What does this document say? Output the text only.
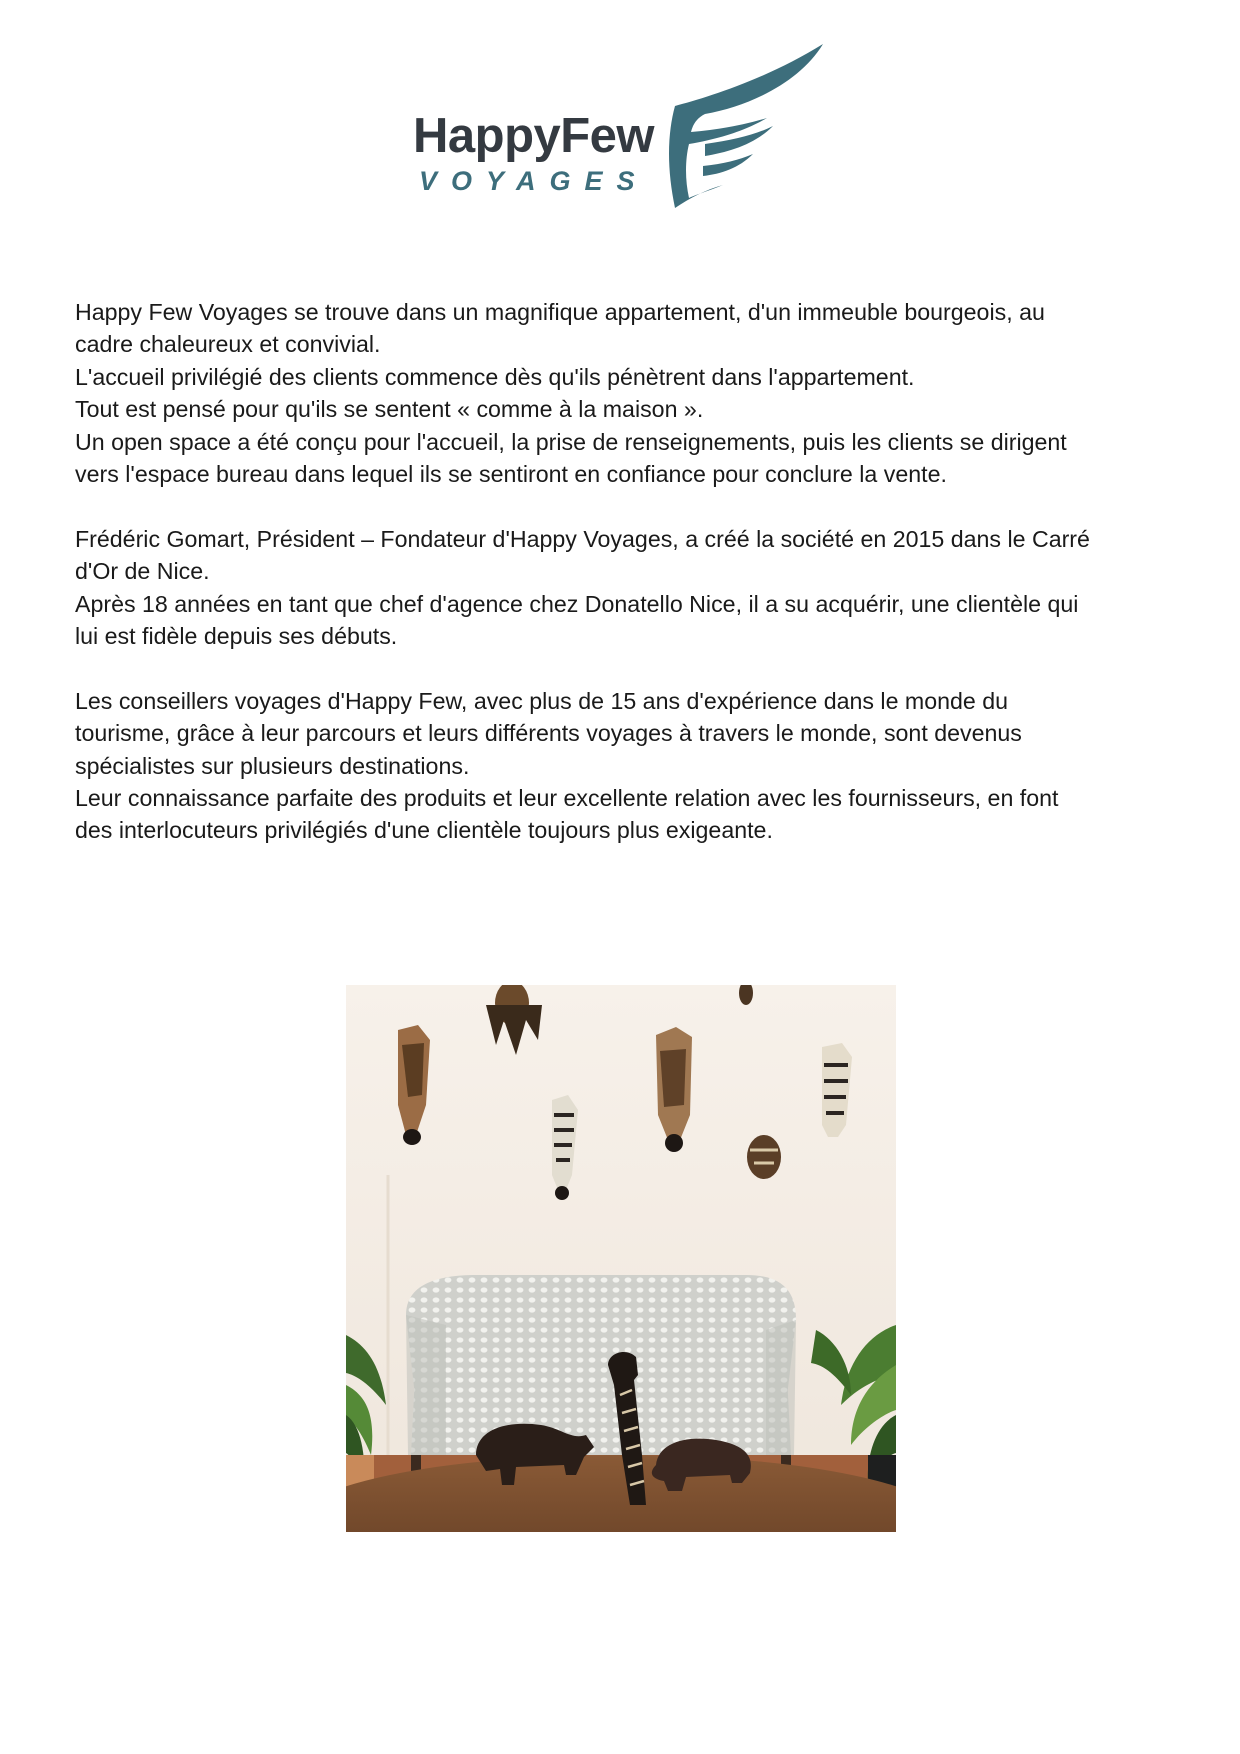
HappyFew
VOYAGES

Happy Few Voyages se trouve dans un magnifique appartement, d'un immeuble bourgeois, au
cadre chaleureux et convivial.
L'accueil privilégié des clients commence dès qu'ils pénètrent dans l'appartement.
Tout est pensé pour qu'ils se sentent « comme à la maison ».
Un open space a été conçu pour l'accueil, la prise de renseignements, puis les clients se dirigent
vers l'espace bureau dans lequel ils se sentiront en confiance pour conclure la vente.

Frédéric Gomart, Président – Fondateur d'Happy Voyages, a créé la société en 2015 dans le Carré
d'Or de Nice.
Après 18 années en tant que chef d'agence chez Donatello Nice, il a su acquérir, une clientèle qui
lui est fidèle depuis ses débuts.

Les conseillers voyages d'Happy Few, avec plus de 15 ans d'expérience dans le monde du
tourisme, grâce à leur parcours et leurs différents voyages à travers le monde, sont devenus
spécialistes sur plusieurs destinations.
Leur connaissance parfaite des produits et leur excellente relation avec les fournisseurs, en font
des interlocuteurs privilégiés d'une clientèle toujours plus exigeante.
